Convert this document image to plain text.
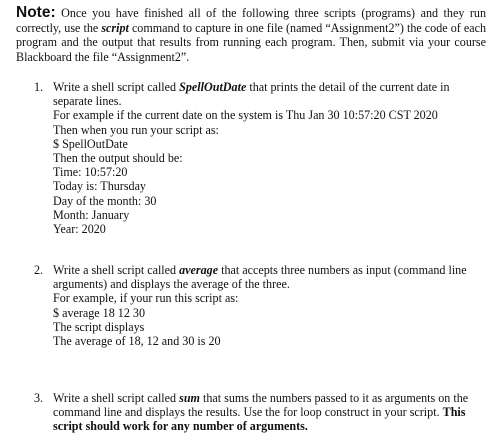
Note: Once you have finished all of the following three scripts (programs) and they run correctly, use the script command to capture in one file (named “Assignment2”) the code of each program and the output that results from running each program. Then, submit via your course Blackboard the file “Assignment2”.
1. Write a shell script called SpellOutDate that prints the detail of the current date in separate lines.
For example if the current date on the system is Thu Jan 30 10:57:20 CST 2020
Then when you run your script as:
$ SpellOutDate
Then the output should be:
Time: 10:57:20
Today is: Thursday
Day of the month: 30
Month: January
Year: 2020
2. Write a shell script called average that accepts three numbers as input (command line arguments) and displays the average of the three.
For example, if your run this script as:
$ average 18 12 30
The script displays
The average of 18, 12 and 30 is 20
3. Write a shell script called sum that sums the numbers passed to it as arguments on the command line and displays the results. Use the for loop construct in your script. This script should work for any number of arguments.
